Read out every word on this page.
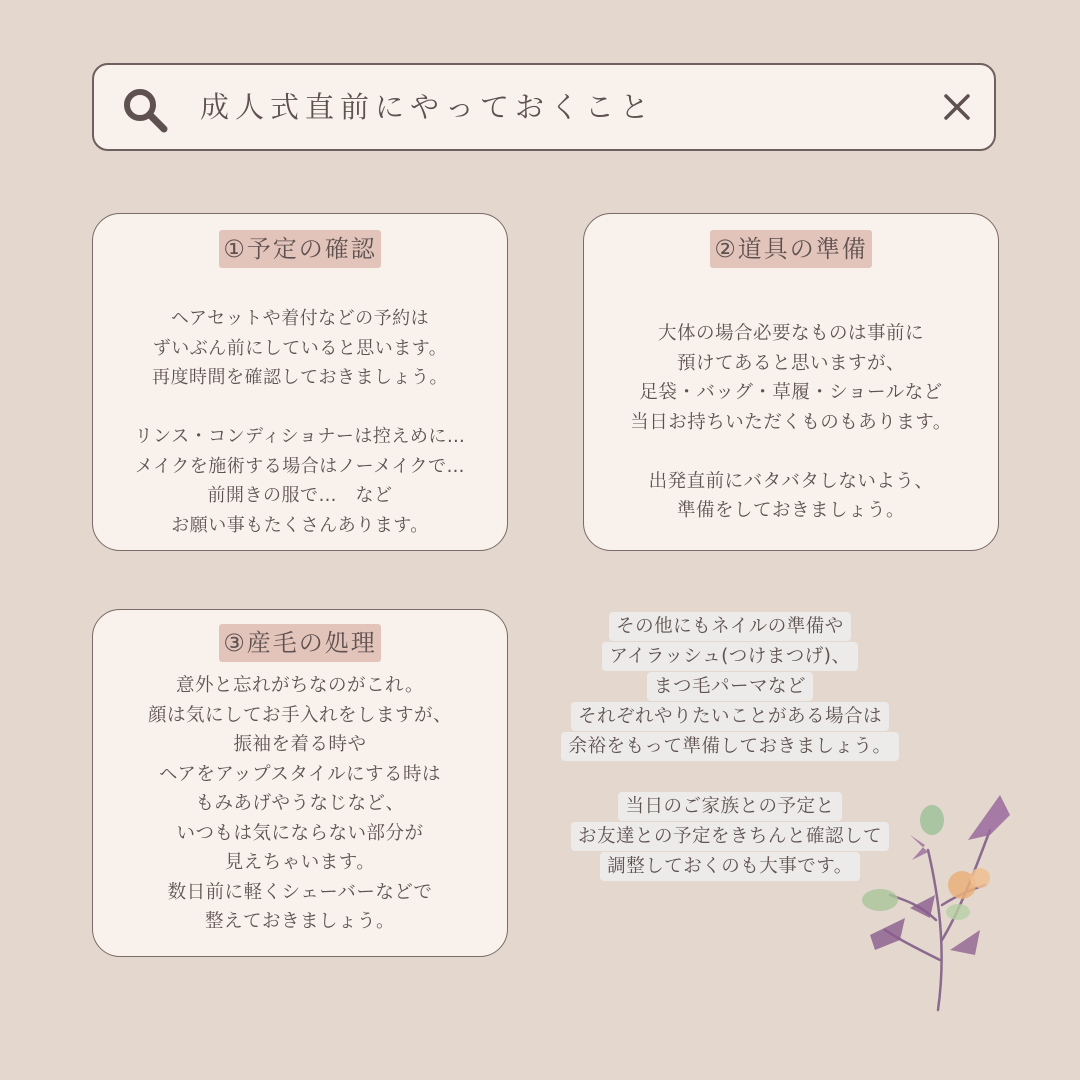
成人式直前にやっておくこと
①予定の確認
ヘアセットや着付などの予約は
ずいぶん前にしていると思います。
再度時間を確認しておきましょう。
リンス・コンディショナーは控えめに…
メイクを施術する場合はノーメイクで…
前開きの服で…　など
お願い事もたくさんあります。
②道具の準備
大体の場合必要なものは事前に
預けてあると思いますが、
足袋・バッグ・草履・ショールなど
当日お持ちいただくものもあります。
出発直前にバタバタしないよう、
準備をしておきましょう。
③産毛の処理
意外と忘れがちなのがこれ。
顔は気にしてお手入れをしますが、
振袖を着る時や
ヘアをアップスタイルにする時は
もみあげやうなじなど、
いつもは気にならない部分が
見えちゃいます。
数日前に軽くシェーバーなどで
整えておきましょう。
その他にもネイルの準備や
アイラッシュ(つけまつげ)、
まつ毛パーマなど
それぞれやりたいことがある場合は
余裕をもって準備しておきましょう。
当日のご家族との予定と
お友達との予定をきちんと確認して
調整しておくのも大事です。
